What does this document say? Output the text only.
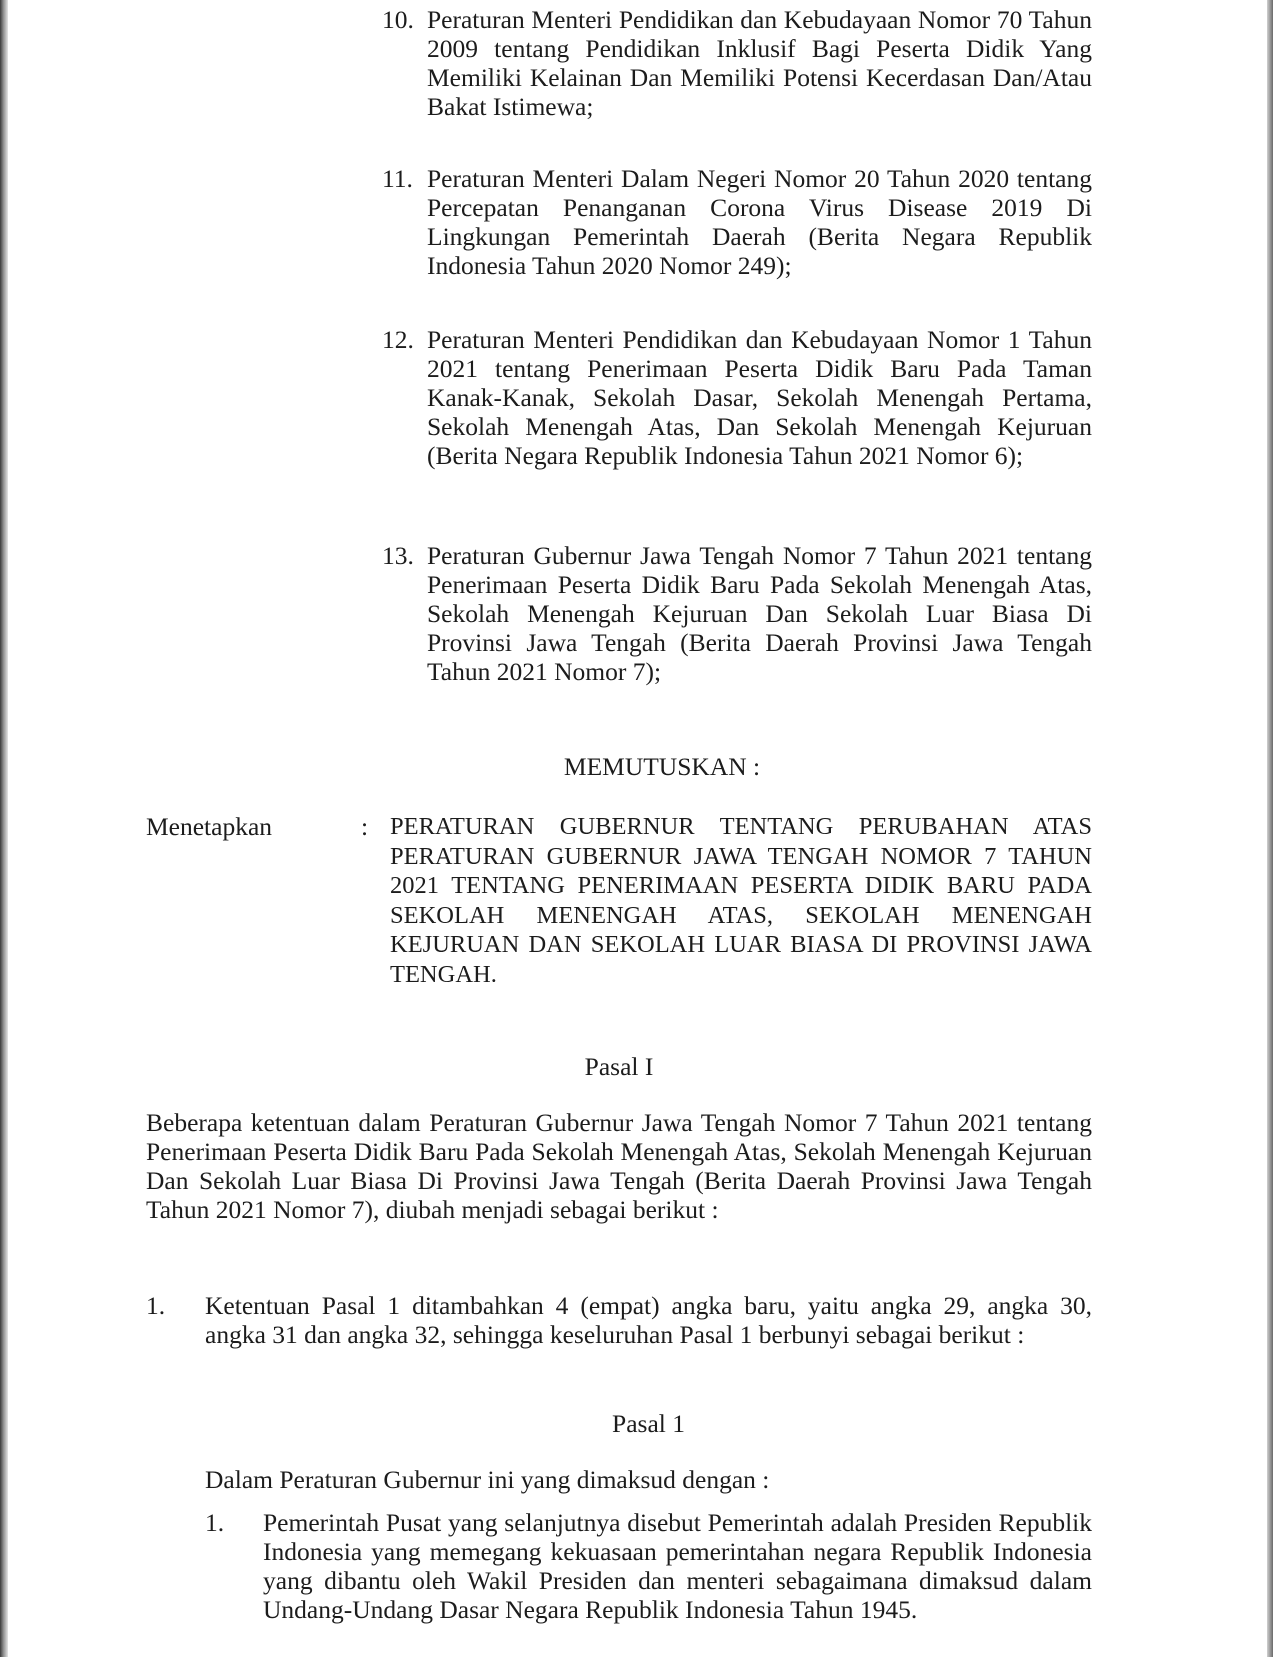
10. Peraturan Menteri Pendidikan dan Kebudayaan Nomor 70 Tahun 2009 tentang Pendidikan Inklusif Bagi Peserta Didik Yang Memiliki Kelainan Dan Memiliki Potensi Kecerdasan Dan/Atau Bakat Istimewa;
11. Peraturan Menteri Dalam Negeri Nomor 20 Tahun 2020 tentang Percepatan Penanganan Corona Virus Disease 2019 Di Lingkungan Pemerintah Daerah (Berita Negara Republik Indonesia Tahun 2020 Nomor 249);
12. Peraturan Menteri Pendidikan dan Kebudayaan Nomor 1 Tahun 2021 tentang Penerimaan Peserta Didik Baru Pada Taman Kanak-Kanak, Sekolah Dasar, Sekolah Menengah Pertama, Sekolah Menengah Atas, Dan Sekolah Menengah Kejuruan (Berita Negara Republik Indonesia Tahun 2021 Nomor 6);
13. Peraturan Gubernur Jawa Tengah Nomor 7 Tahun 2021 tentang Penerimaan Peserta Didik Baru Pada Sekolah Menengah Atas, Sekolah Menengah Kejuruan Dan Sekolah Luar Biasa Di Provinsi Jawa Tengah (Berita Daerah Provinsi Jawa Tengah Tahun 2021 Nomor 7);
MEMUTUSKAN :
Menetapkan	: PERATURAN GUBERNUR TENTANG PERUBAHAN ATAS PERATURAN GUBERNUR JAWA TENGAH NOMOR 7 TAHUN 2021 TENTANG PENERIMAAN PESERTA DIDIK BARU PADA SEKOLAH MENENGAH ATAS, SEKOLAH MENENGAH KEJURUAN DAN SEKOLAH LUAR BIASA DI PROVINSI JAWA TENGAH.
Pasal I
Beberapa ketentuan dalam Peraturan Gubernur Jawa Tengah Nomor 7 Tahun 2021 tentang Penerimaan Peserta Didik Baru Pada Sekolah Menengah Atas, Sekolah Menengah Kejuruan Dan Sekolah Luar Biasa Di Provinsi Jawa Tengah (Berita Daerah Provinsi Jawa Tengah Tahun 2021 Nomor 7), diubah menjadi sebagai berikut :
1. Ketentuan Pasal 1 ditambahkan 4 (empat) angka baru, yaitu angka 29, angka 30, angka 31 dan angka 32, sehingga keseluruhan Pasal 1 berbunyi sebagai berikut :
Pasal 1
Dalam Peraturan Gubernur ini yang dimaksud dengan :
1. Pemerintah Pusat yang selanjutnya disebut Pemerintah adalah Presiden Republik Indonesia yang memegang kekuasaan pemerintahan negara Republik Indonesia yang dibantu oleh Wakil Presiden dan menteri sebagaimana dimaksud dalam Undang-Undang Dasar Negara Republik Indonesia Tahun 1945.
